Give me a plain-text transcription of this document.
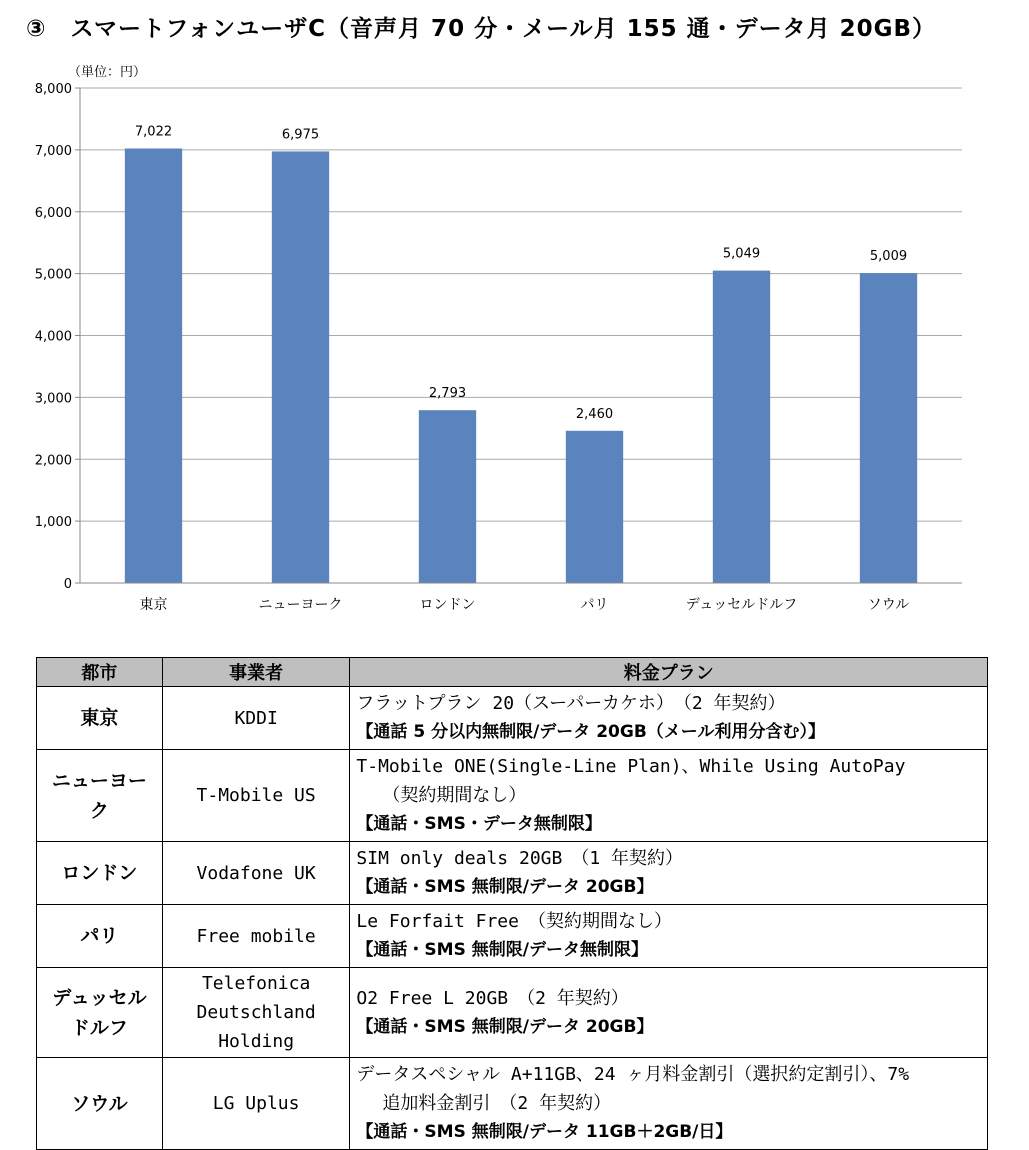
③　スマートフォンユーザC（音声月 70 分・メール月 155 通・データ月 20GB）
（単位：円）
0
1,000
2,000
3,000
4,000
5,000
6,000
7,000
8,000
7,022	6,975
2,793
2,460
5,049	5,009
東京	ニューヨーク	ロンドン	パリ	デュッセルドルフ	ソウル
都市	事業者	料金プラン

東京	KDDI	フラットプラン 20（スーパーカケホ）　（2 年契約）
【通話 5 分以内無制限/データ 20GB（メール利用分含む）】

ニューヨー
ク	T-Mobile US	T-Mobile ONE(Single-Line Plan)、While Using AutoPay
（契約期間なし）
【通話・SMS・データ無制限】

ロンドン	Vodafone UK	SIM only deals 20GB　（1 年契約）
【通話・SMS 無制限/データ 20GB】

パリ	Free mobile	Le Forfait Free　（契約期間なし）
【通話・SMS 無制限/データ無制限】

デュッセル
ドルフ	Telefonica
Deutschland
Holding	O2 Free L 20GB　（2 年契約）
【通話・SMS 無制限/データ 20GB】

ソウル	LG Uplus	データスペシャル A+11GB、24 ヶ月料金割引（選択約定割引）、7%
追加料金割引　（2 年契約）
【通話・SMS 無制限/データ 11GB＋2GB/日】
